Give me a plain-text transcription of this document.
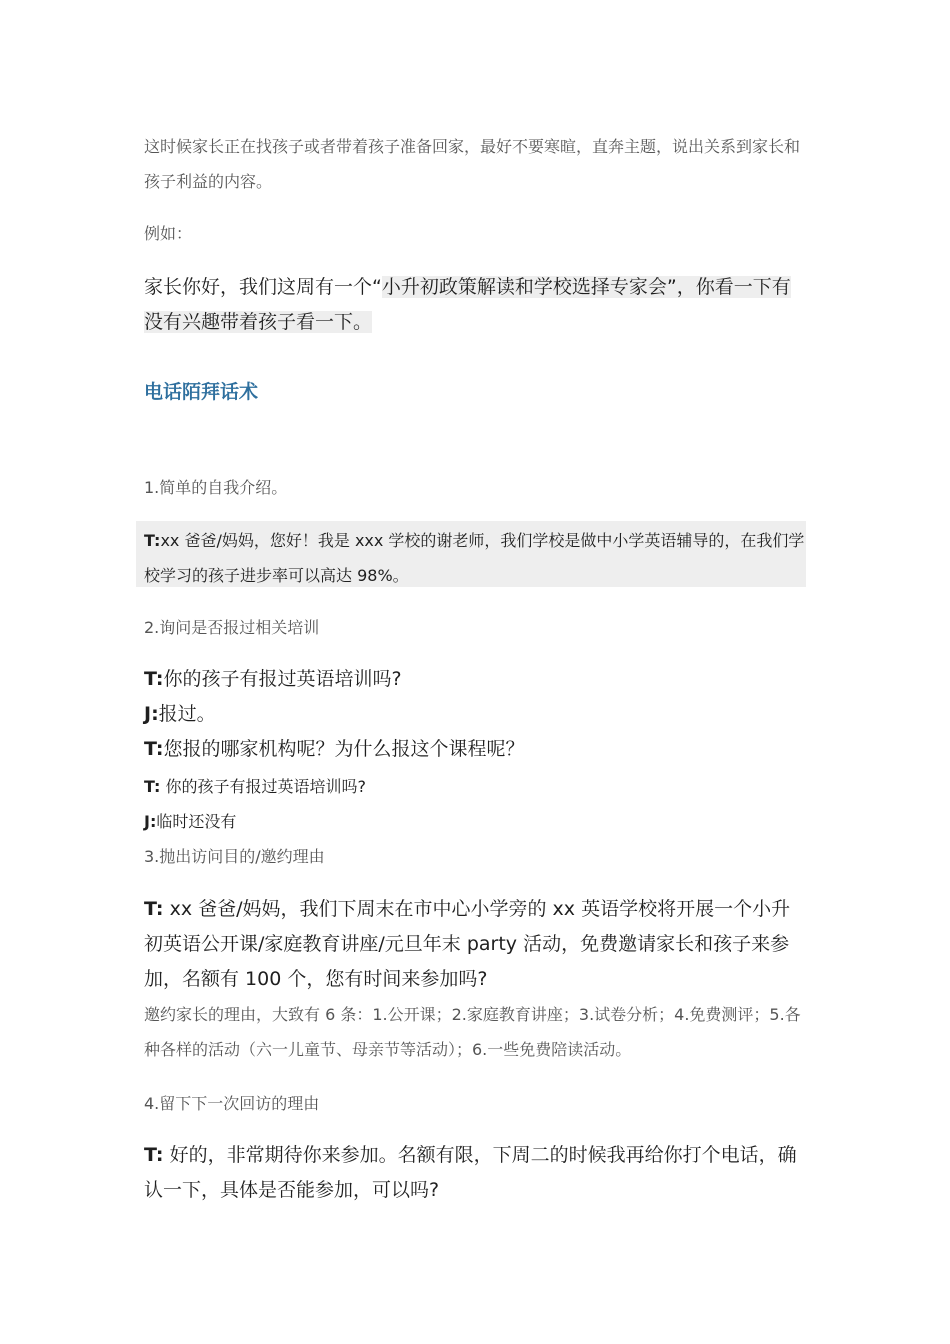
这时候家长正在找孩子或者带着孩子准备回家，最好不要寒暄，直奔主题，说出关系到家长和孩子利益的内容。

例如：

家长你好，我们这周有一个“小升初政策解读和学校选择专家会”，你看一下有没有兴趣带着孩子看一下。

电话陌拜话术

1.简单的自我介绍。

T:xx 爸爸/妈妈，您好！我是 xxx 学校的谢老师，我们学校是做中小学英语辅导的，在我们学校学习的孩子进步率可以高达 98%。

2.询问是否报过相关培训

T:你的孩子有报过英语培训吗?

J:报过。

T:您报的哪家机构呢？为什么报这个课程呢？

T: 你的孩子有报过英语培训吗?

J:临时还没有

3.抛出访问目的/邀约理由

T: xx 爸爸/妈妈，我们下周末在市中心小学旁的 xx 英语学校将开展一个小升初英语公开课/家庭教育讲座/元旦年末 party 活动，免费邀请家长和孩子来参加，名额有 100 个，您有时间来参加吗?

邀约家长的理由，大致有 6 条：1.公开课；2.家庭教育讲座；3.试卷分析；4.免费测评；5.各种各样的活动（六一儿童节、母亲节等活动）；6.一些免费陪读活动。

4.留下下一次回访的理由

T: 好的，非常期待你来参加。名额有限，下周二的时候我再给你打个电话，确认一下，具体是否能参加，可以吗?
